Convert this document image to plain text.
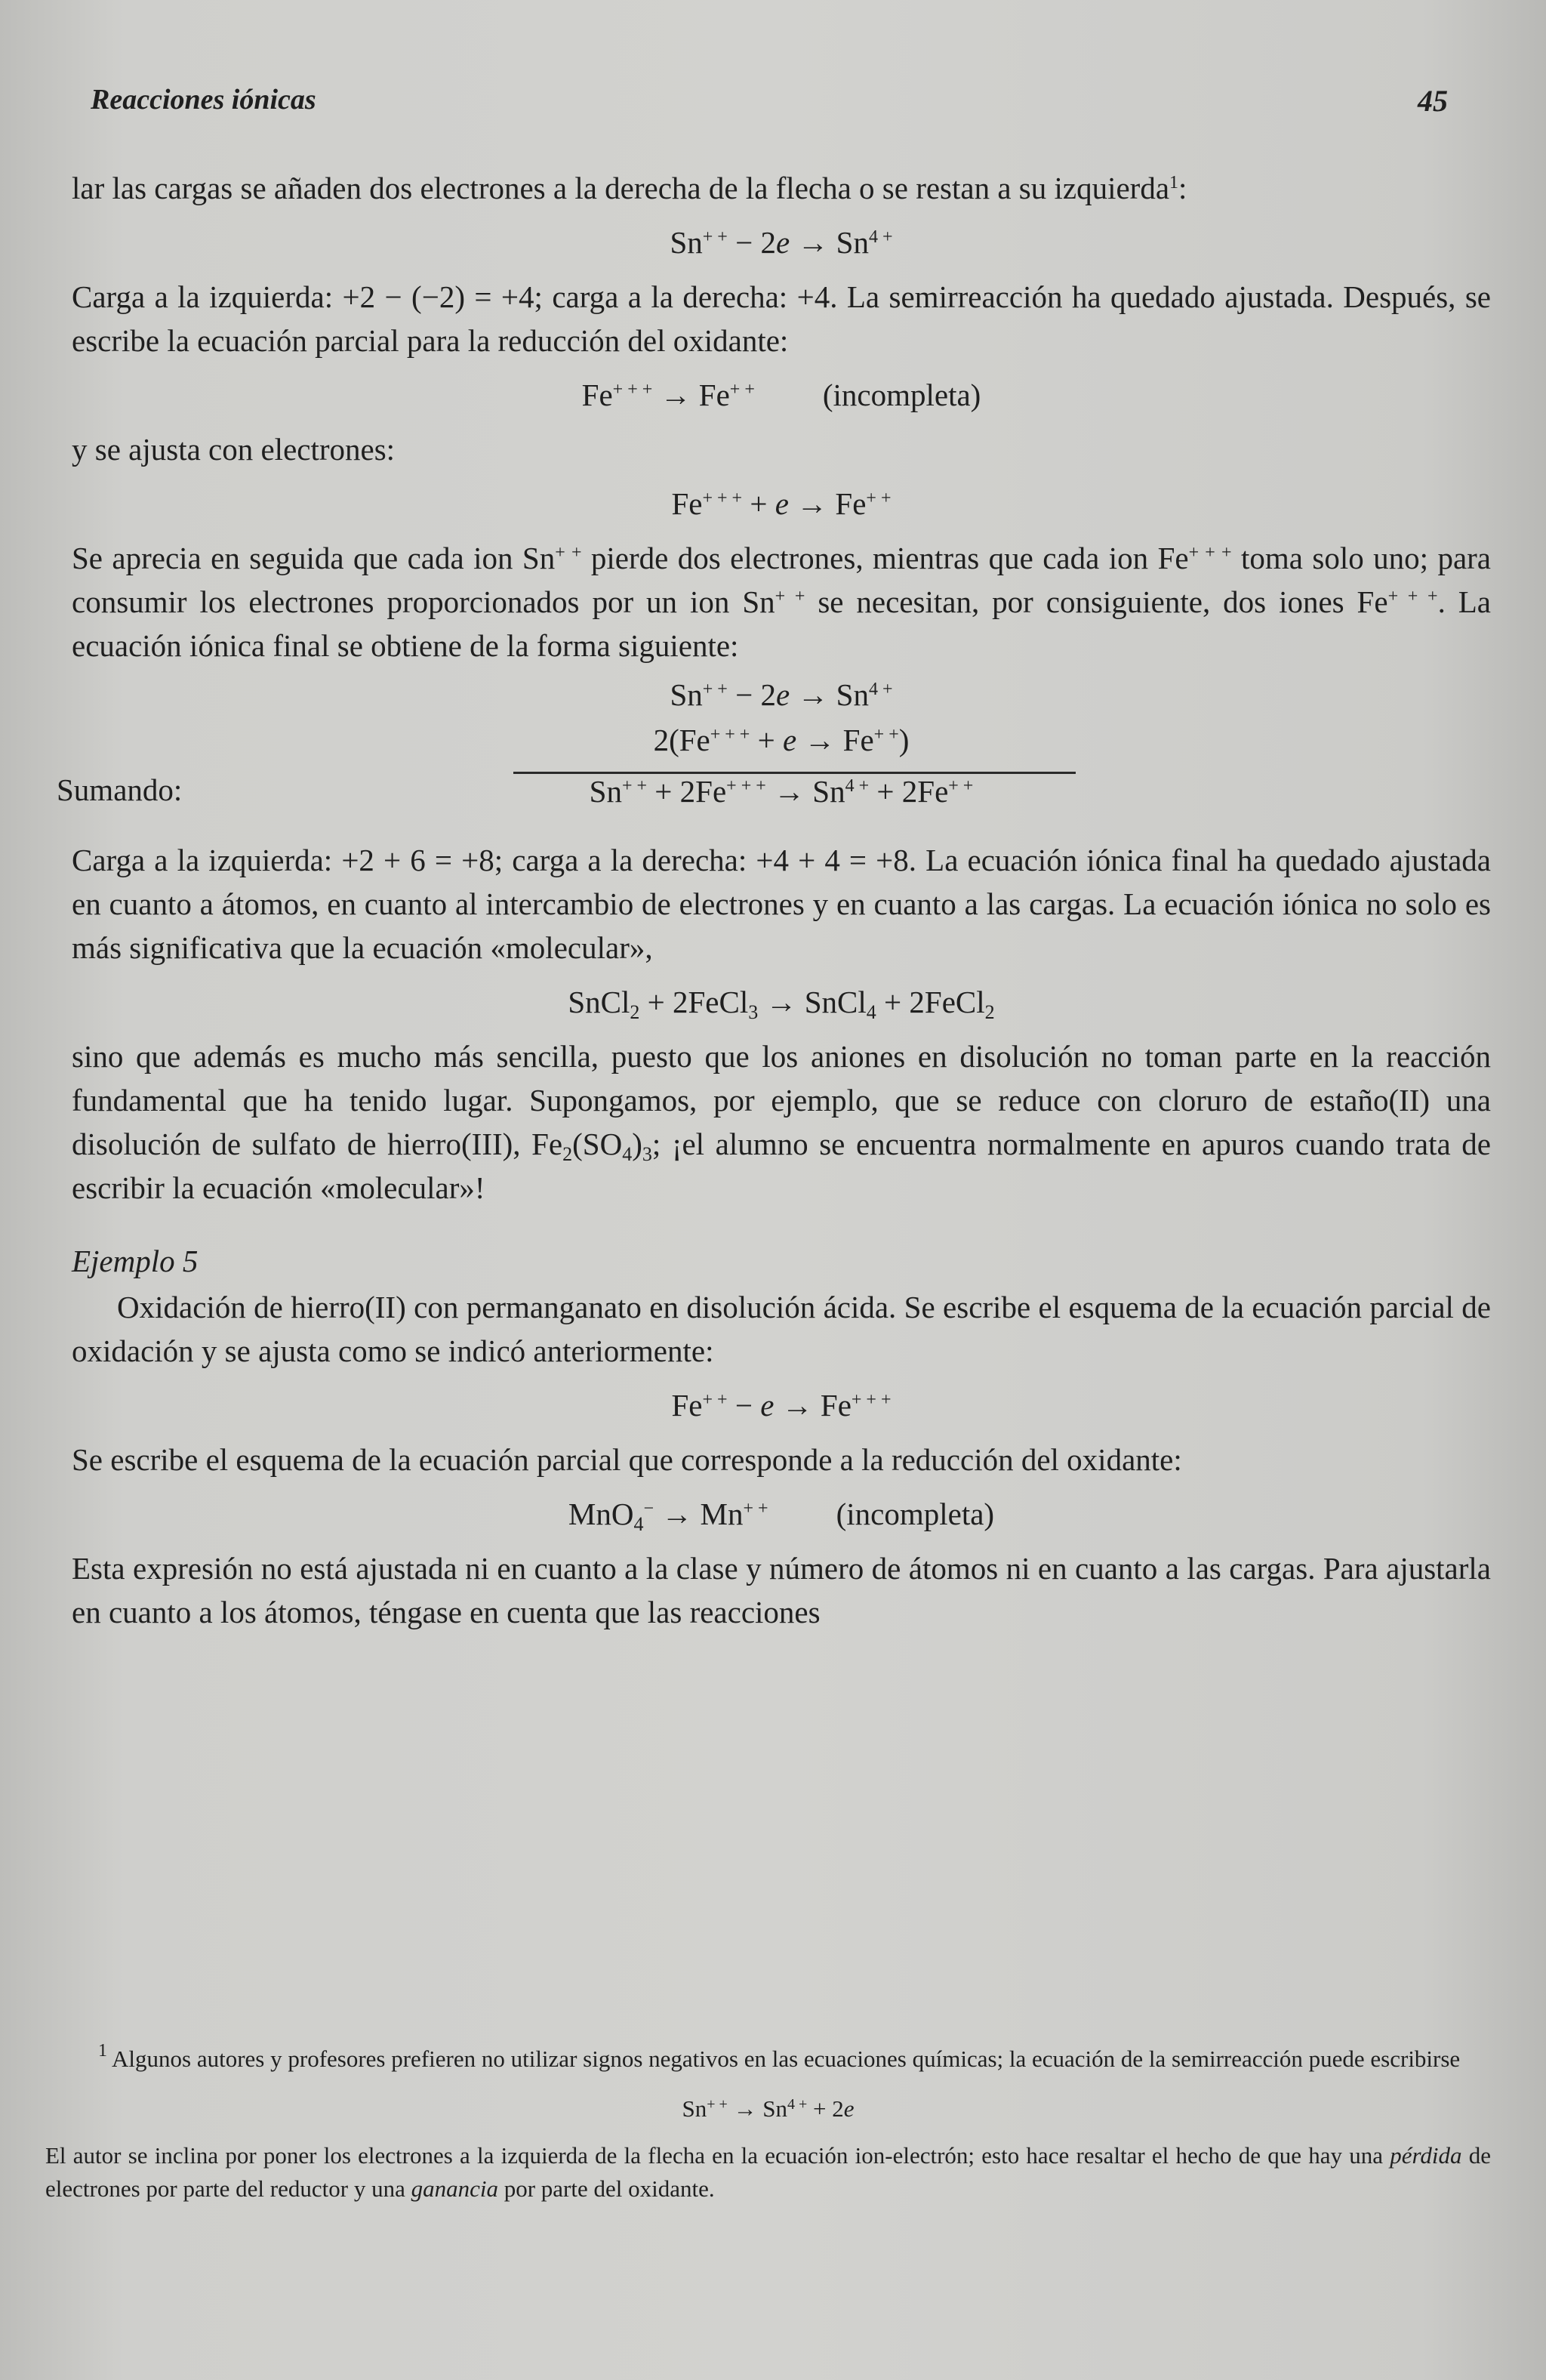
Reacciones iónicas	45

lar las cargas se añaden dos electrones a la derecha de la flecha o se restan a su izquierda$^1$:

$Sn^{+ +} - 2e \to Sn^{4 +}$

Carga a la izquierda: +2 − (−2) = +4; carga a la derecha: +4. La semirreacción ha quedado ajustada. Después, se escribe la ecuación parcial para la reducción del oxidante:

Fe+ + + → Fe+ + (incompleta)

y se ajusta con electrones:

Fe+ + + + e → Fe+ +

Se aprecia en seguida que cada ion Sn+ + pierde dos electrones, mientras que cada ion Fe+ + + toma solo uno; para consumir los electrones proporcionados por un ion Sn+ + se necesitan, por consiguiente, dos iones Fe+ + +. La ecuación iónica final se obtiene de la forma siguiente:

$Sn^{+ +} - 2e \to Sn^{4 +}$
2(Fe+ + + + e → Fe+ +)
Sumando:	$Sn^{+ +} + 2Fe^{+ + +} \to Sn^{4 +} + 2Fe^{+ +}$

Carga a la izquierda: +2 + 6 = +8; carga a la derecha: +4 + 4 = +8. La ecuación iónica final ha quedado ajustada en cuanto a átomos, en cuanto al intercambio de electrones y en cuanto a las cargas. La ecuación iónica no solo es más significativa que la ecuación «molecular»,

SnCl$_2$ + 2FeCl$_3$ → SnCl$_4$ + 2FeCl$_2$

sino que además es mucho más sencilla, puesto que los aniones en disolución no toman parte en la reacción fundamental que ha tenido lugar. Supongamos, por ejemplo, que se reduce con cloruro de estaño(II) una disolución de sulfato de hierro(III), $Fe_2(SO_4)_3$; ¡el alumno se encuentra normalmente en apuros cuando trata de escribir la ecuación «molecular»!

Ejemplo 5

Oxidación de hierro(II) con permanganato en disolución ácida. Se escribe el esquema de la ecuación parcial de oxidación y se ajusta como se indicó anteriormente:

Fe+ + − e → Fe+ + +

Se escribe el esquema de la ecuación parcial que corresponde a la reducción del oxidante:

MnO$_4$− → Mn+ + (incompleta)

Esta expresión no está ajustada ni en cuanto a la clase y número de átomos ni en cuanto a las cargas. Para ajustarla en cuanto a los átomos, téngase en cuenta que las reacciones

$^1$ Algunos autores y profesores prefieren no utilizar signos negativos en las ecuaciones químicas; la ecuación de la semirreacción puede escribirse

$Sn^{+ +} \to Sn^{4 +} + 2e$

El autor se inclina por poner los electrones a la izquierda de la flecha en la ecuación ion-electrón; esto hace resaltar el hecho de que hay una pérdida de electrones por parte del reductor y una ganancia por parte del oxidante.
